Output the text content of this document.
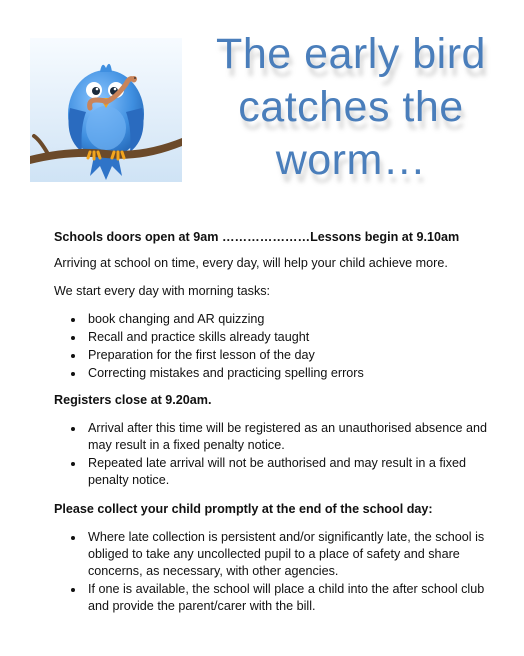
The early bird
catches the
worm…

Schools doors open at 9am …………………Lessons begin at 9.10am

Arriving at school on time, every day, will help your child achieve more.

We start every day with morning tasks:

book changing and AR quizzing
Recall and practice skills already taught
Preparation for the first lesson of the day
Correcting mistakes and practicing spelling errors

Registers close at 9.20am.

Arrival after this time will be registered as an unauthorised absence and may result in a fixed penalty notice.
Repeated late arrival will not be authorised and may result in a fixed penalty notice.

Please collect your child promptly at the end of the school day:

Where late collection is persistent and/or significantly late, the school is obliged to take any uncollected pupil to a place of safety and share concerns, as necessary, with other agencies.
If one is available, the school will place a child into the after school club and provide the parent/carer with the bill.
